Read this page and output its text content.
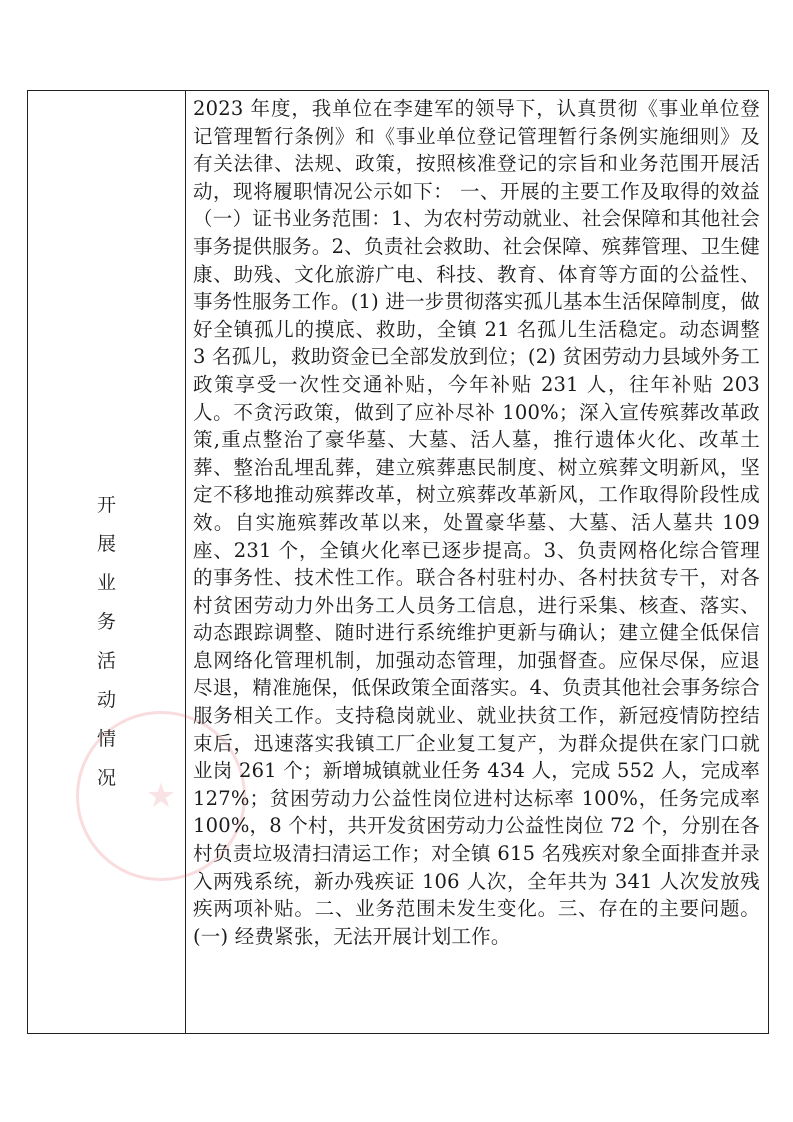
★
开
展
业
务
活
动
情
况

2023 年度，我单位在李建军的领导下，认真贯彻《事业单位登记管理暂行条例》和《事业单位登记管理暂行条例实施细则》及有关法律、法规、政策，按照核准登记的宗旨和业务范围开展活动，现将履职情况公示如下： 一、开展的主要工作及取得的效益 （一）证书业务范围：1、为农村劳动就业、社会保障和其他社会事务提供服务。2、负责社会救助、社会保障、殡葬管理、卫生健康、助残、文化旅游广电、科技、教育、体育等方面的公益性、事务性服务工作。(1) 进一步贯彻落实孤儿基本生活保障制度，做好全镇孤儿的摸底、救助，全镇 21 名孤儿生活稳定。动态调整 3 名孤儿，救助资金已全部发放到位；(2) 贫困劳动力县域外务工政策享受一次性交通补贴，今年补贴 231 人，往年补贴 203 人。不贪污政策，做到了应补尽补 100%；深入宣传殡葬改革政策,重点整治了豪华墓、大墓、活人墓，推行遗体火化、改革土葬、整治乱埋乱葬，建立殡葬惠民制度、树立殡葬文明新风，坚定不移地推动殡葬改革，树立殡葬改革新风，工作取得阶段性成效。自实施殡葬改革以来，处置豪华墓、大墓、活人墓共 109 座、231 个，全镇火化率已逐步提高。3、负责网格化综合管理的事务性、技术性工作。联合各村驻村办、各村扶贫专干，对各村贫困劳动力外出务工人员务工信息，进行采集、核查、落实、动态跟踪调整、随时进行系统维护更新与确认；建立健全低保信息网络化管理机制，加强动态管理，加强督查。应保尽保，应退尽退，精准施保，低保政策全面落实。4、负责其他社会事务综合服务相关工作。支持稳岗就业、就业扶贫工作，新冠疫情防控结束后，迅速落实我镇工厂企业复工复产，为群众提供在家门口就业岗 261 个；新增城镇就业任务 434 人，完成 552 人，完成率 127%；贫困劳动力公益性岗位进村达标率 100%，任务完成率 100%，8 个村，共开发贫困劳动力公益性岗位 72 个，分别在各村负责垃圾清扫清运工作；对全镇 615 名残疾对象全面排查并录入两残系统，新办残疾证 106 人次，全年共为 341 人次发放残疾两项补贴。二、业务范围未发生变化。三、存在的主要问题。(一) 经费紧张，无法开展计划工作。
